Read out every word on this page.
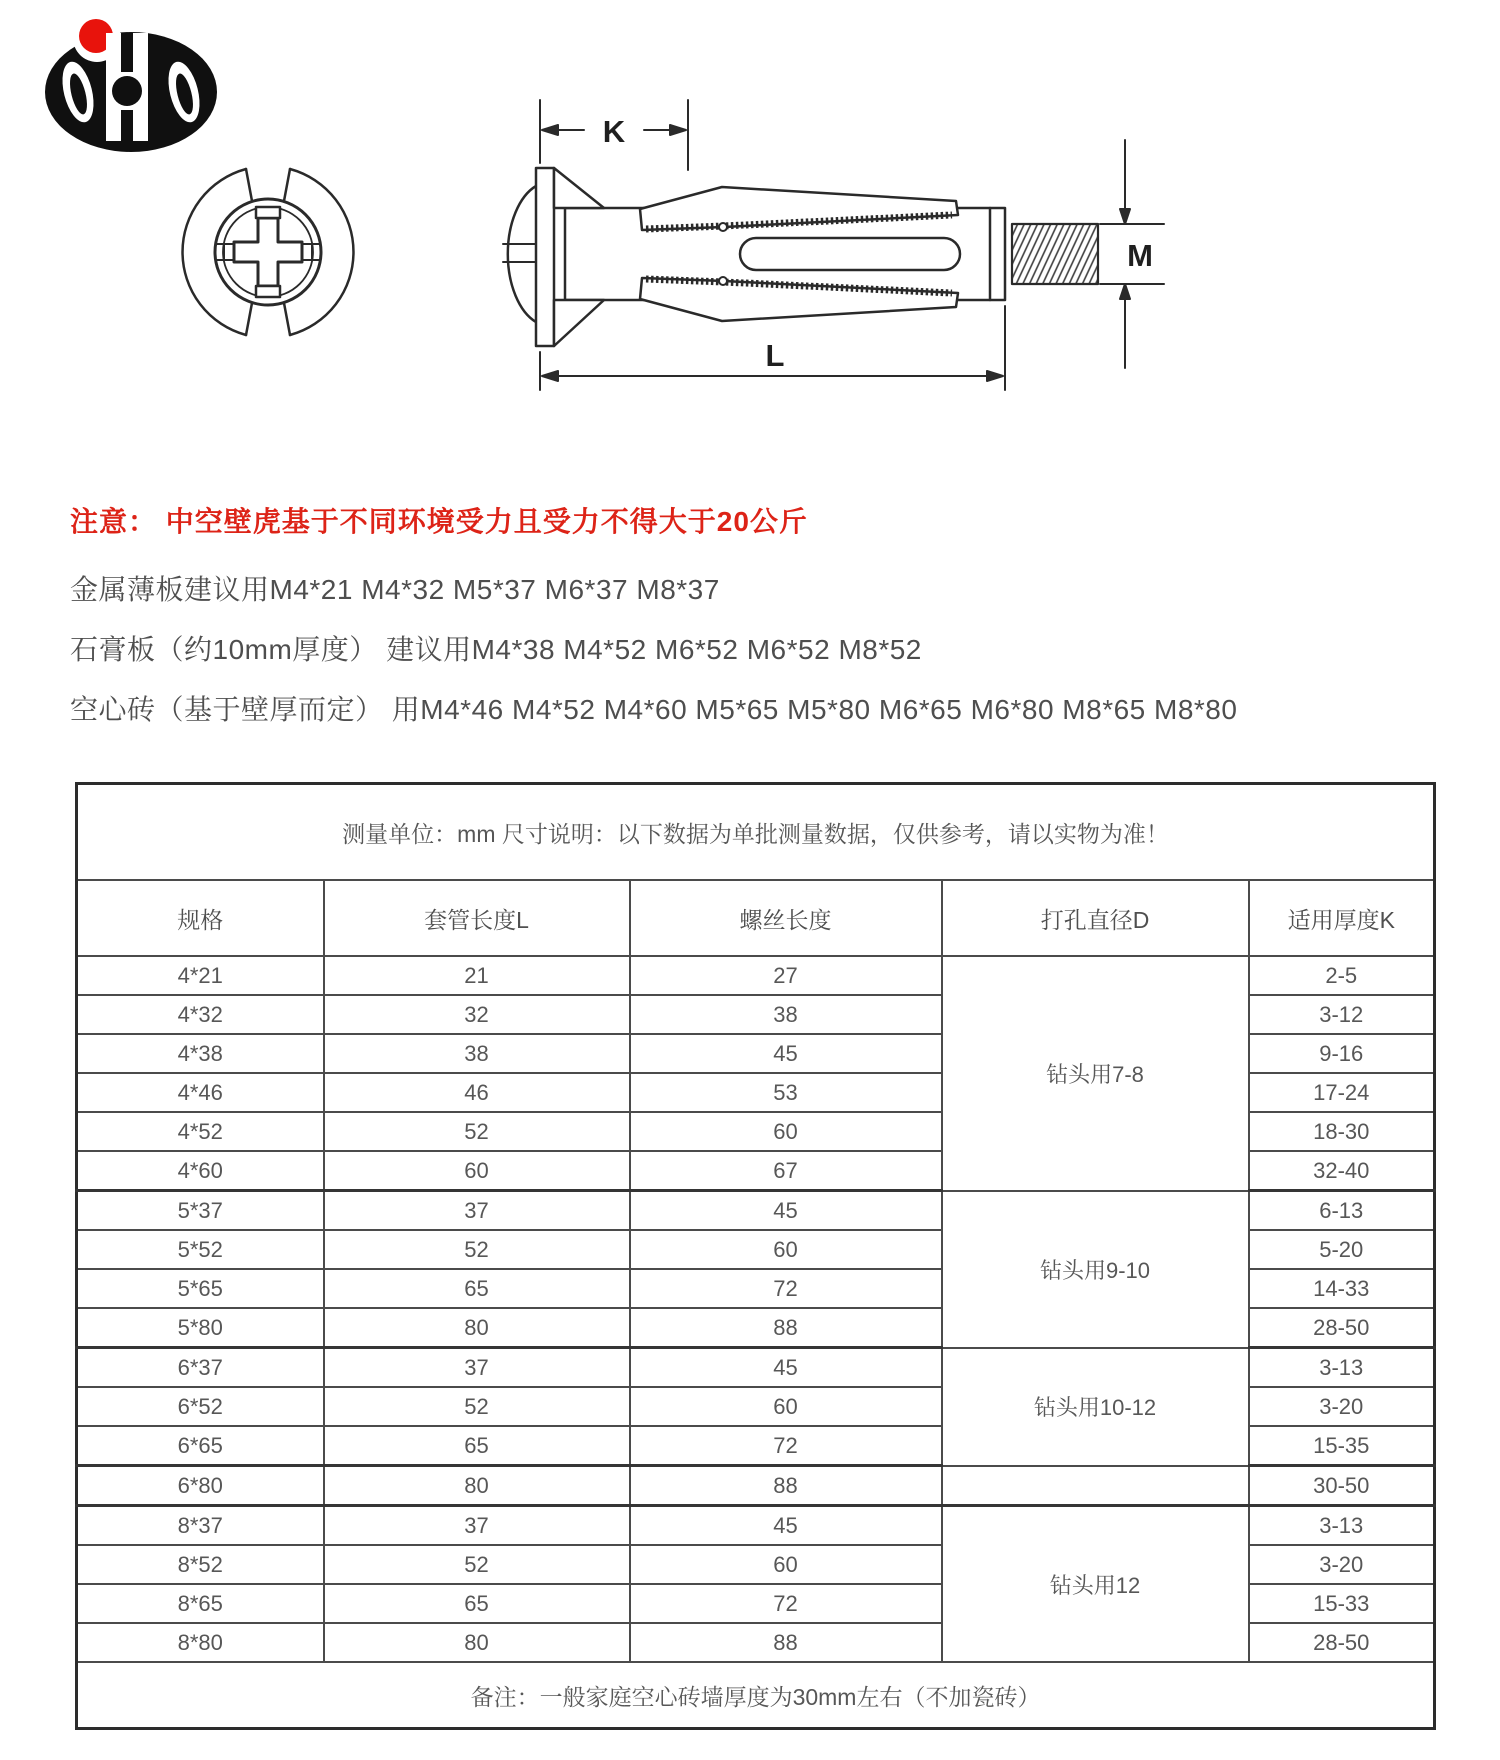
K
L
M
注意： 中空壁虎基于不同环境受力且受力不得大于20公斤
金属薄板建议用M4*21 M4*32 M5*37 M6*37 M8*37
石膏板（约10mm厚度） 建议用M4*38 M4*52 M6*52 M6*52 M8*52
空心砖（基于壁厚而定） 用M4*46 M4*52 M4*60 M5*65 M5*80 M6*65 M6*80 M8*65 M8*80
测量单位：mm 尺寸说明：以下数据为单批测量数据，仅供参考，请以实物为准！				
规格	套管长度L	螺丝长度	打孔直径D	适用厚度K
4*21	21	27	钻头用7-8	2-5
4*32	32	38		3-12
4*38	38	45		9-16
4*46	46	53		17-24
4*52	52	60		18-30
4*60	60	67		32-40
5*37	37	45	钻头用9-10	6-13
5*52	52	60		5-20
5*65	65	72		14-33
5*80	80	88		28-50
6*37	37	45	钻头用10-12	3-13
6*52	52	60		3-20
6*65	65	72		15-35
6*80	80	88		30-50
8*37	37	45	钻头用12	3-13
8*52	52	60		3-20
8*65	65	72		15-33
8*80	80	88		28-50
备注：一般家庭空心砖墙厚度为30mm左右（不加瓷砖）				
